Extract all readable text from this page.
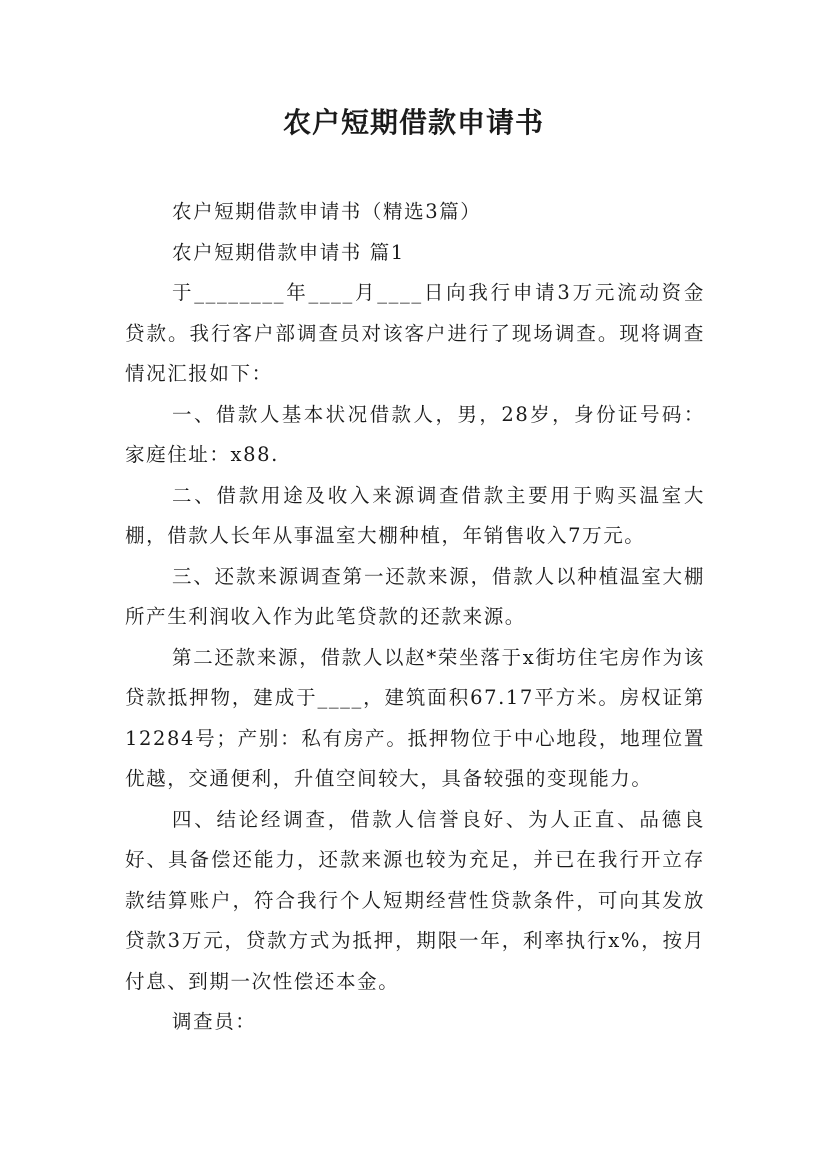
农户短期借款申请书

农户短期借款申请书（精选3篇）

农户短期借款申请书 篇1

于________年____月____日向我行申请3万元流动资金贷款。我行客户部调查员对该客户进行了现场调查。现将调查情况汇报如下：

一、借款人基本状况借款人，男，28岁，身份证号码：家庭住址：x88.

二、借款用途及收入来源调查借款主要用于购买温室大棚，借款人长年从事温室大棚种植，年销售收入7万元。

三、还款来源调查第一还款来源，借款人以种植温室大棚所产生利润收入作为此笔贷款的还款来源。

第二还款来源，借款人以赵*荣坐落于x街坊住宅房作为该贷款抵押物，建成于____，建筑面积67.17平方米。房权证第12284号；产别：私有房产。抵押物位于中心地段，地理位置优越，交通便利，升值空间较大，具备较强的变现能力。

四、结论经调查，借款人信誉良好、为人正直、品德良好、具备偿还能力，还款来源也较为充足，并已在我行开立存款结算账户，符合我行个人短期经营性贷款条件，可向其发放贷款3万元，贷款方式为抵押，期限一年，利率执行x%，按月付息、到期一次性偿还本金。

调查员：
